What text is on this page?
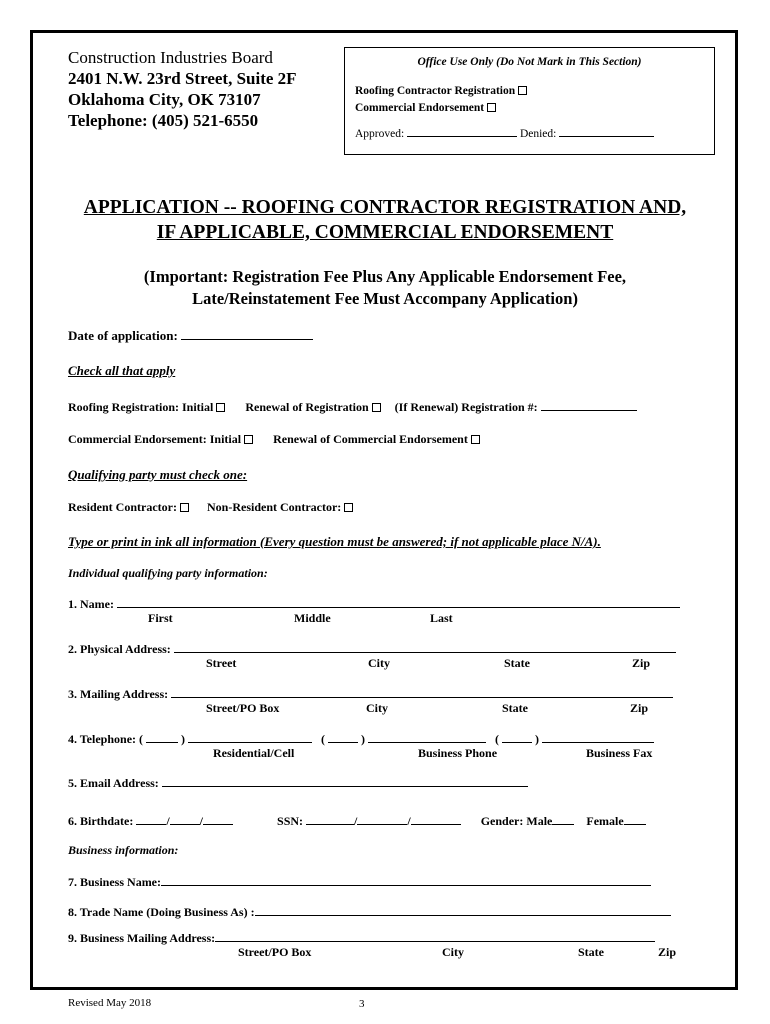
Construction Industries Board
2401 N.W. 23rd Street, Suite 2F
Oklahoma City, OK 73107
Telephone: (405) 521-6550
Office Use Only (Do Not Mark in This Section)
Roofing Contractor Registration
Commercial Endorsement
Approved:	Denied:
APPLICATION -- ROOFING CONTRACTOR REGISTRATION AND,
IF APPLICABLE, COMMERCIAL ENDORSEMENT
(Important: Registration Fee Plus Any Applicable Endorsement Fee,
Late/Reinstatement Fee Must Accompany Application)
Date of application:
Check all that apply
Roofing Registration: Initial	Renewal of Registration (If Renewal) Registration #:
Commercial Endorsement: Initial	Renewal of Commercial Endorsement
Qualifying party must check one:
Resident Contractor:	Non-Resident Contractor:
Type or print in ink all information (Every question must be answered; if not applicable place N/A).
Individual qualifying party information:
1. Name:
First	Middle	Last
2. Physical Address:
Street	City	State	Zip
3. Mailing Address:
Street/PO Box	City	State	Zip
4. Telephone: (	)	(	)	(	)
Residential/Cell	Business Phone	Business Fax
5. Email Address:
6. Birthdate:	/	/	SSN:	/	/	Gender: Male	Female
Business information:
7. Business Name:
8. Trade Name (Doing Business As) :
9. Business Mailing Address:
Street/PO Box	City	State	Zip
Revised May 2018	3
